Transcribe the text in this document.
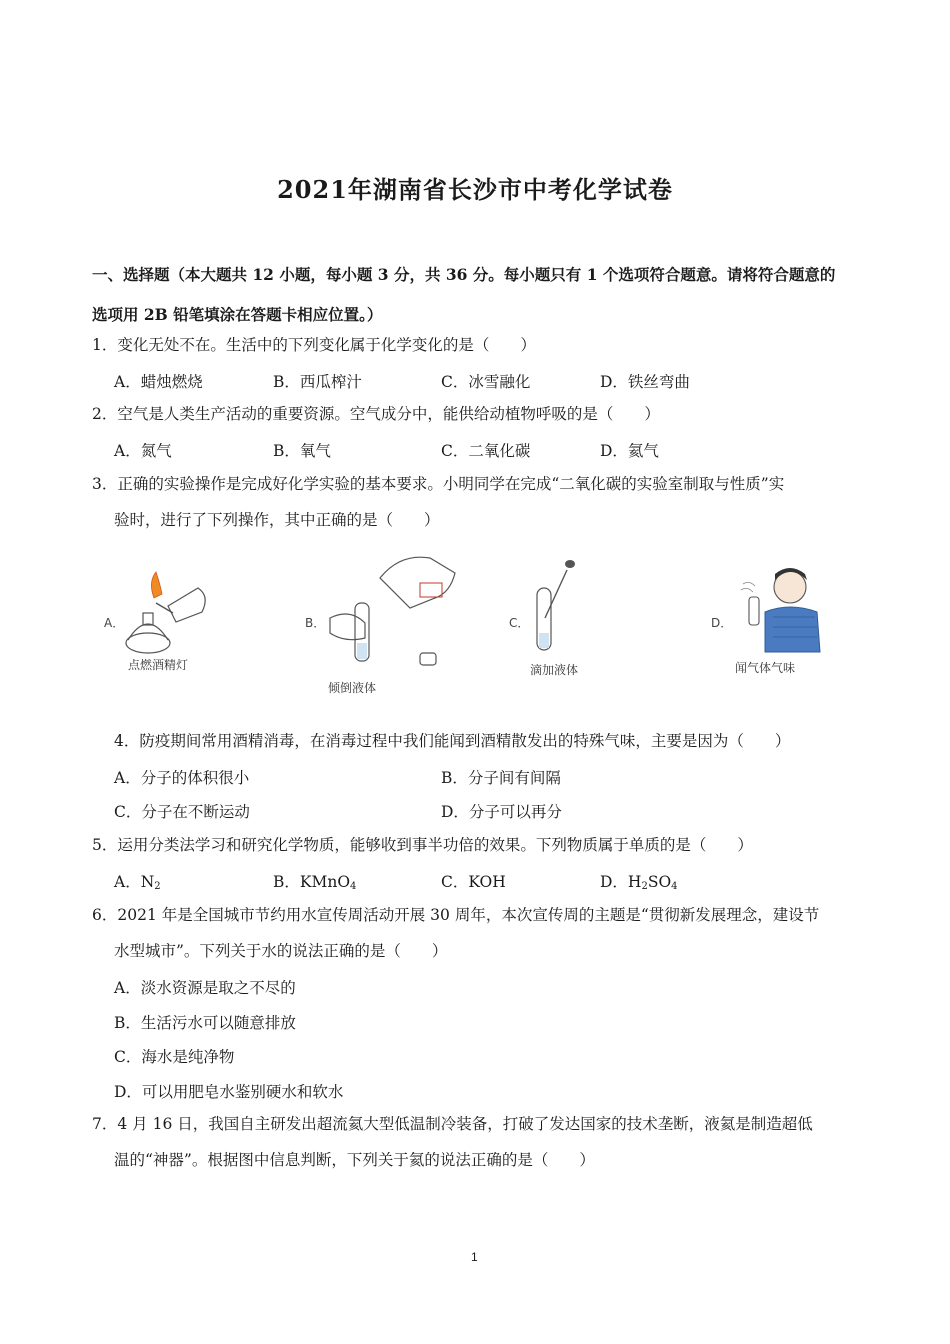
2021年湖南省长沙市中考化学试卷
一、选择题（本大题共 12 小题，每小题 3 分，共 36 分。每小题只有 1 个选项符合题意。请将符合题意的
选项用 2B 铅笔填涂在答题卡相应位置。）
1．变化无处不在。生活中的下列变化属于化学变化的是（　　）
A．蜡烛燃烧	B．西瓜榨汁	C．冰雪融化	D．铁丝弯曲
2．空气是人类生产活动的重要资源。空气成分中，能供给动植物呼吸的是（　　）
A．氮气	B．氧气	C．二氧化碳	D．氦气
3．正确的实验操作是完成好化学实验的基本要求。小明同学在完成“二氧化碳的实验室制取与性质”实
验时，进行了下列操作，其中正确的是（　　）
A．
点燃酒精灯
B．
倾倒液体
C．
滴加液体
D．
闻气体气味
4．防疫期间常用酒精消毒，在消毒过程中我们能闻到酒精散发出的特殊气味，主要是因为（　　）
A．分子的体积很小	B．分子间有间隔
C．分子在不断运动	D．分子可以再分
5．运用分类法学习和研究化学物质，能够收到事半功倍的效果。下列物质属于单质的是（　　）
A．$N_2$	B．KMnO$_4$	C．KOH	D．$H_2SO_4$
6．2021 年是全国城市节约用水宣传周活动开展 30 周年，本次宣传周的主题是“贯彻新发展理念，建设节
水型城市”。下列关于水的说法正确的是（　　）
A．淡水资源是取之不尽的
B．生活污水可以随意排放
C．海水是纯净物
D．可以用肥皂水鉴别硬水和软水
7．4 月 16 日，我国自主研发出超流氦大型低温制冷装备，打破了发达国家的技术垄断，液氦是制造超低
温的“神器”。根据图中信息判断，下列关于氦的说法正确的是（　　）
1
